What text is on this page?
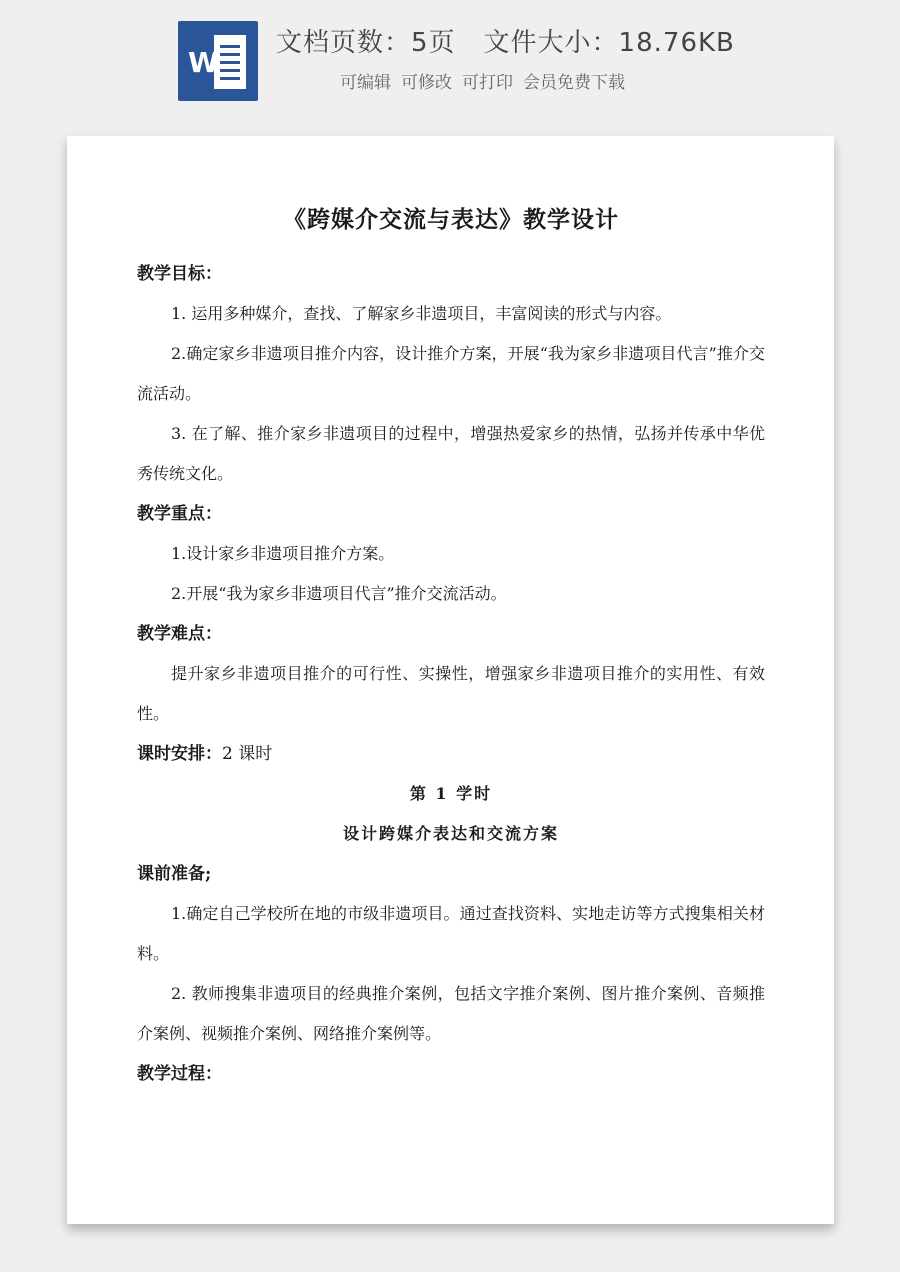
W
文档页数：5页 文件大小：18.76KB
可编辑 可修改 可打印 会员免费下载
《跨媒介交流与表达》教学设计
教学目标：

1. 运用多种媒介，查找、了解家乡非遗项目，丰富阅读的形式与内容。

2.确定家乡非遗项目推介内容，设计推介方案，开展“我为家乡非遗项目代言”推介交流活动。

3. 在了解、推介家乡非遗项目的过程中，增强热爱家乡的热情，弘扬并传承中华优秀传统文化。

教学重点：

1.设计家乡非遗项目推介方案。

2.开展“我为家乡非遗项目代言”推介交流活动。

教学难点：

提升家乡非遗项目推介的可行性、实操性，增强家乡非遗项目推介的实用性、有效性。

课时安排：2 课时
第 1 学时
设计跨媒介表达和交流方案
课前准备;

1.确定自己学校所在地的市级非遗项目。通过查找资料、实地走访等方式搜集相关材料。

2. 教师搜集非遗项目的经典推介案例，包括文字推介案例、图片推介案例、音频推介案例、视频推介案例、网络推介案例等。

教学过程：
